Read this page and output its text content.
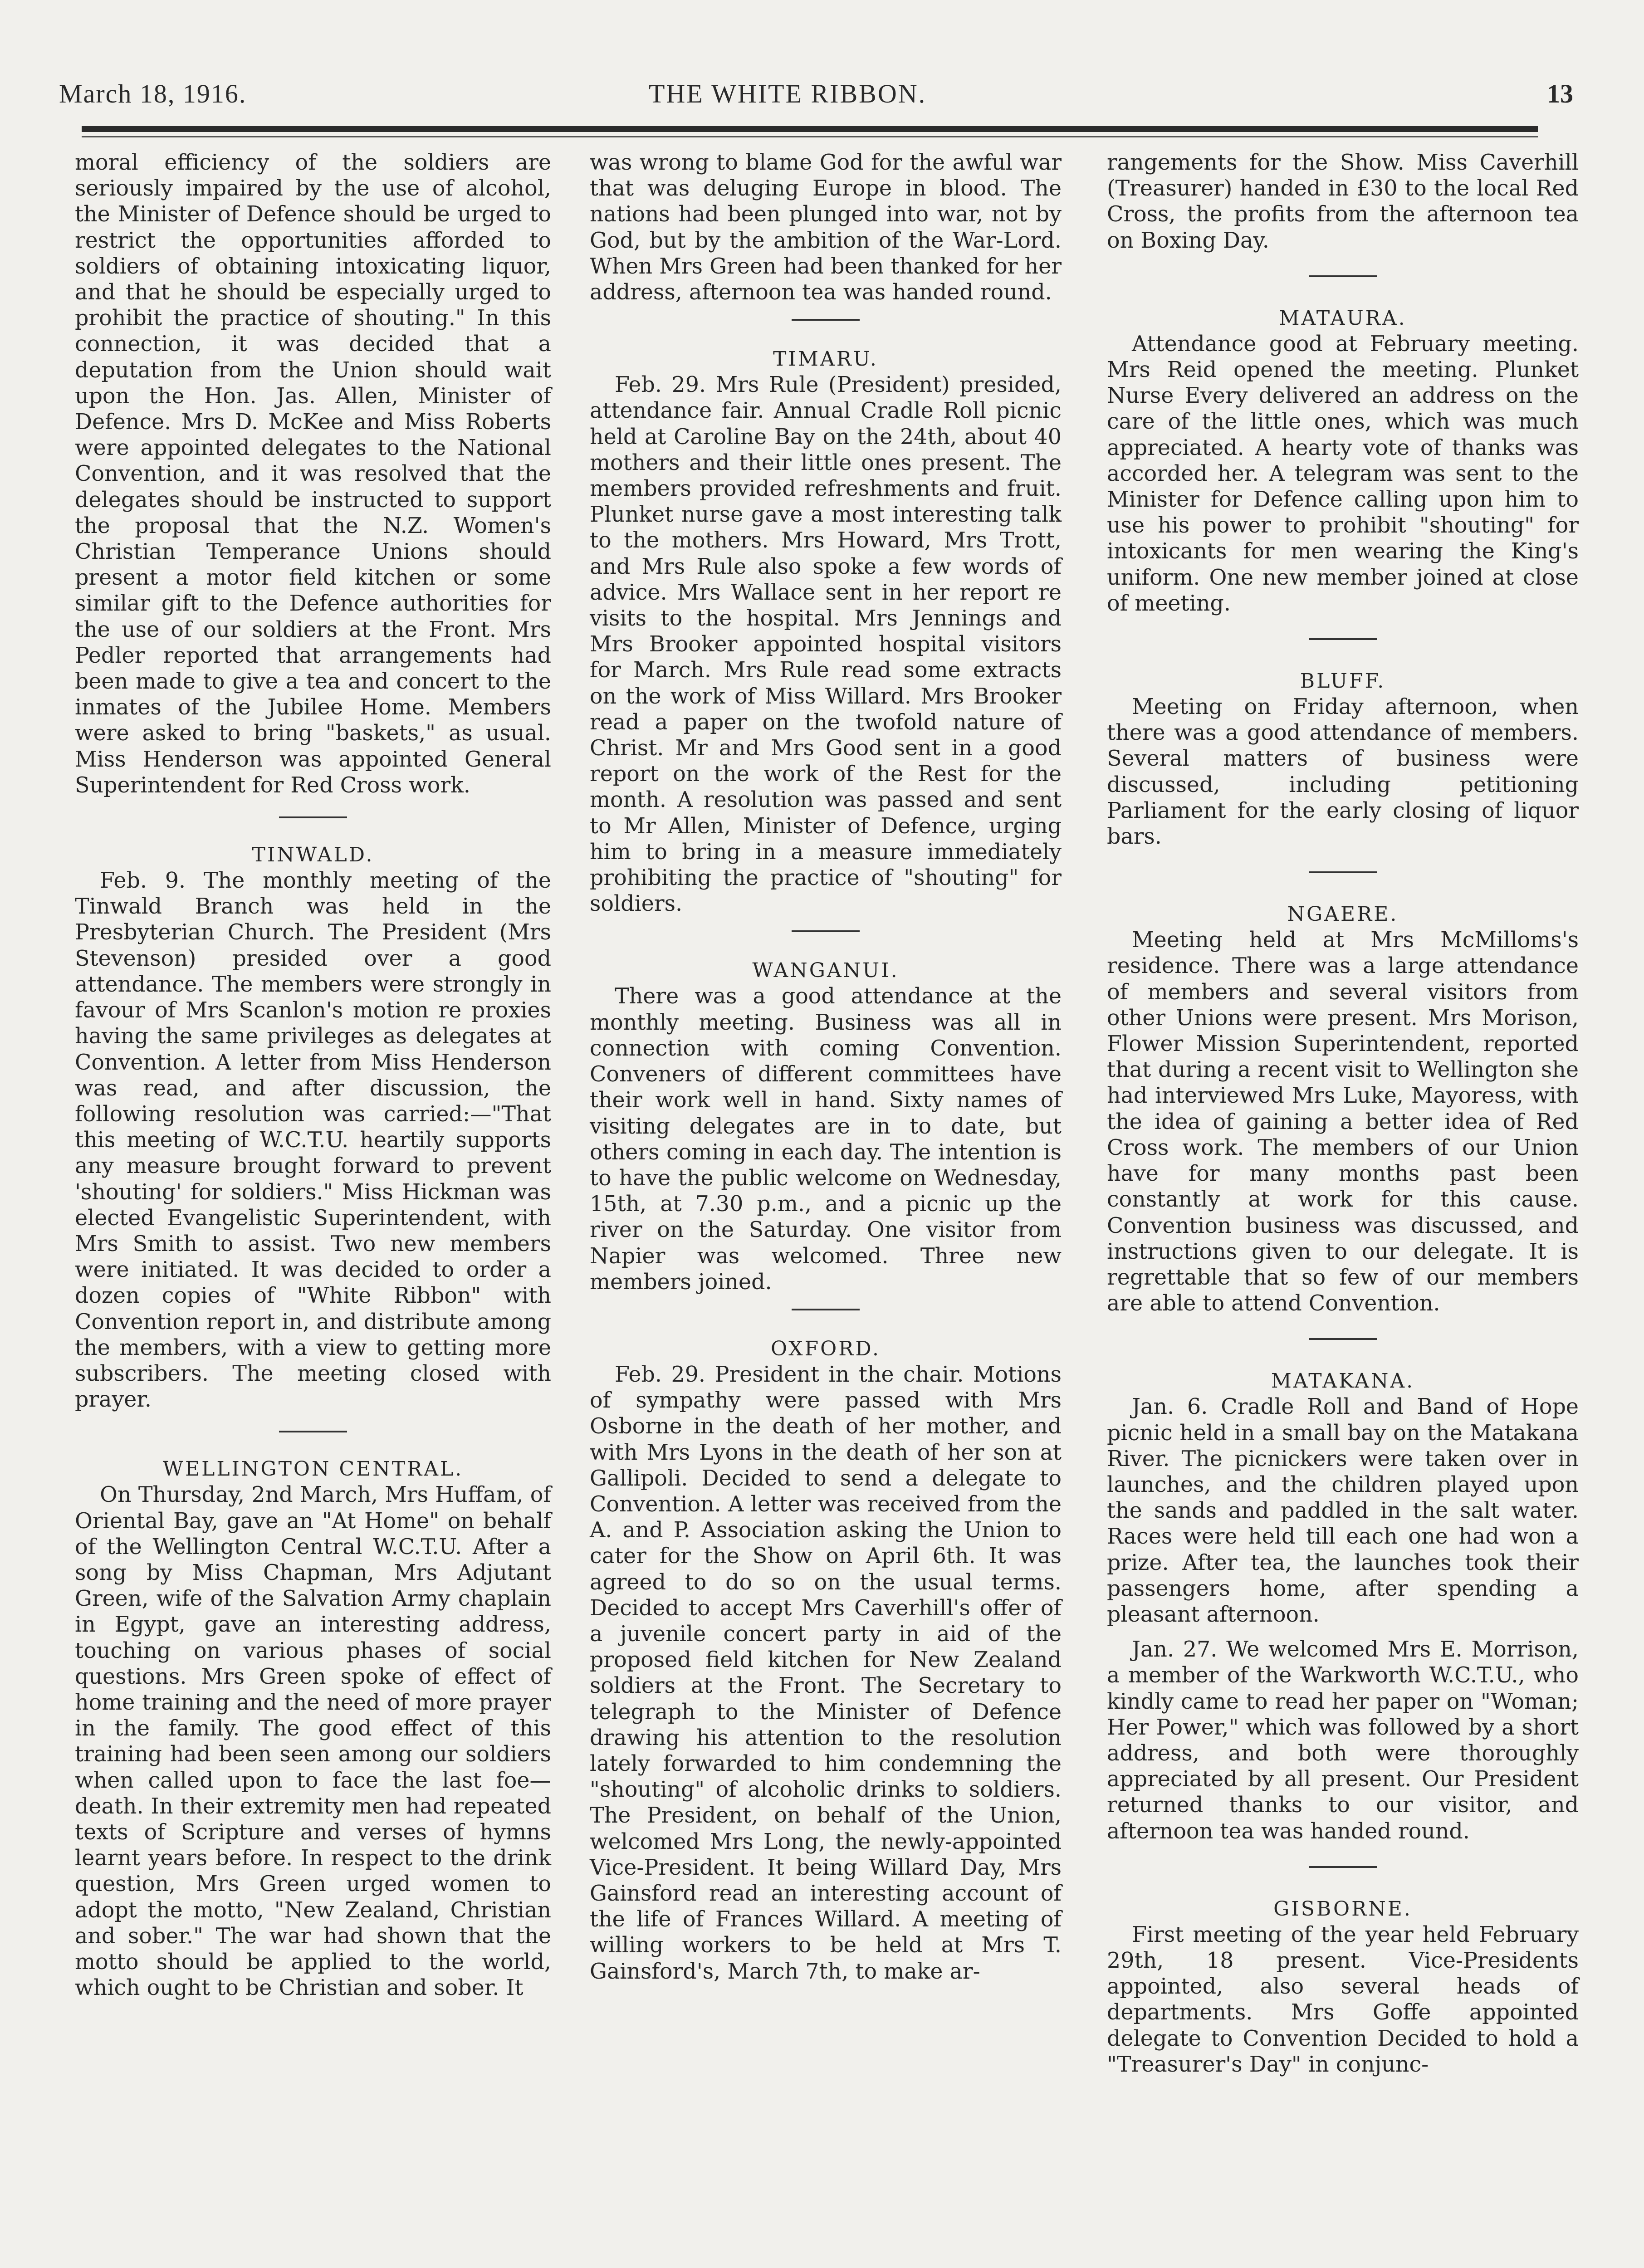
March 18, 1916.	THE WHITE RIBBON.	13

moral efficiency of the soldiers are seriously impaired by the use of alcohol, the Minister of Defence should be urged to restrict the opportunities afforded to soldiers of obtaining intoxicating liquor, and that he should be especially urged to prohibit the practice of shouting." In this connection, it was decided that a deputation from the Union should wait upon the Hon. Jas. Allen, Minister of Defence. Mrs D. McKee and Miss Roberts were appointed delegates to the National Convention, and it was resolved that the delegates should be instructed to support the proposal that the N.Z. Women's Christian Temperance Unions should present a motor field kitchen or some similar gift to the Defence authorities for the use of our soldiers at the Front. Mrs Pedler reported that arrangements had been made to give a tea and concert to the inmates of the Jubilee Home. Members were asked to bring "baskets," as usual. Miss Henderson was appointed General Superintendent for Red Cross work.

TINWALD.

Feb. 9. The monthly meeting of the Tinwald Branch was held in the Presbyterian Church. The President (Mrs Stevenson) presided over a good attendance. The members were strongly in favour of Mrs Scanlon's motion re proxies having the same privileges as delegates at Convention. A letter from Miss Henderson was read, and after discussion, the following resolution was carried:—"That this meeting of W.C.T.U. heartily supports any measure brought forward to prevent 'shouting' for soldiers." Miss Hickman was elected Evangelistic Superintendent, with Mrs Smith to assist. Two new members were initiated. It was decided to order a dozen copies of "White Ribbon" with Convention report in, and distribute among the members, with a view to getting more subscribers. The meeting closed with prayer.

WELLINGTON CENTRAL.

On Thursday, 2nd March, Mrs Huffam, of Oriental Bay, gave an "At Home" on behalf of the Wellington Central W.C.T.U. After a song by Miss Chapman, Mrs Adjutant Green, wife of the Salvation Army chaplain in Egypt, gave an interesting address, touching on various phases of social questions. Mrs Green spoke of effect of home training and the need of more prayer in the family. The good effect of this training had been seen among our soldiers when called upon to face the last foe—death. In their extremity men had repeated texts of Scripture and verses of hymns learnt years before. In respect to the drink question, Mrs Green urged women to adopt the motto, "New Zealand, Christian and sober." The war had shown that the motto should be applied to the world, which ought to be Christian and sober. It

was wrong to blame God for the awful war that was deluging Europe in blood. The nations had been plunged into war, not by God, but by the ambition of the War-Lord. When Mrs Green had been thanked for her address, afternoon tea was handed round.

TIMARU.

Feb. 29. Mrs Rule (President) presided, attendance fair. Annual Cradle Roll picnic held at Caroline Bay on the 24th, about 40 mothers and their little ones present. The members provided refreshments and fruit. Plunket nurse gave a most interesting talk to the mothers. Mrs Howard, Mrs Trott, and Mrs Rule also spoke a few words of advice. Mrs Wallace sent in her report re visits to the hospital. Mrs Jennings and Mrs Brooker appointed hospital visitors for March. Mrs Rule read some extracts on the work of Miss Willard. Mrs Brooker read a paper on the twofold nature of Christ. Mr and Mrs Good sent in a good report on the work of the Rest for the month. A resolution was passed and sent to Mr Allen, Minister of Defence, urging him to bring in a measure immediately prohibiting the practice of "shouting" for soldiers.

WANGANUI.

There was a good attendance at the monthly meeting. Business was all in connection with coming Convention. Conveners of different committees have their work well in hand. Sixty names of visiting delegates are in to date, but others coming in each day. The intention is to have the public welcome on Wednesday, 15th, at 7.30 p.m., and a picnic up the river on the Saturday. One visitor from Napier was welcomed. Three new members joined.

OXFORD.

Feb. 29. President in the chair. Motions of sympathy were passed with Mrs Osborne in the death of her mother, and with Mrs Lyons in the death of her son at Gallipoli. Decided to send a delegate to Convention. A letter was received from the A. and P. Association asking the Union to cater for the Show on April 6th. It was agreed to do so on the usual terms. Decided to accept Mrs Caverhill's offer of a juvenile concert party in aid of the proposed field kitchen for New Zealand soldiers at the Front. The Secretary to telegraph to the Minister of Defence drawing his attention to the resolution lately forwarded to him condemning the "shouting" of alcoholic drinks to soldiers. The President, on behalf of the Union, welcomed Mrs Long, the newly-appointed Vice-President. It being Willard Day, Mrs Gainsford read an interesting account of the life of Frances Willard. A meeting of willing workers to be held at Mrs T. Gainsford's, March 7th, to make ar-

rangements for the Show. Miss Caverhill (Treasurer) handed in £30 to the local Red Cross, the profits from the afternoon tea on Boxing Day.

MATAURA.

Attendance good at February meeting. Mrs Reid opened the meeting. Plunket Nurse Every delivered an address on the care of the little ones, which was much appreciated. A hearty vote of thanks was accorded her. A telegram was sent to the Minister for Defence calling upon him to use his power to prohibit "shouting" for intoxicants for men wearing the King's uniform. One new member joined at close of meeting.

BLUFF.

Meeting on Friday afternoon, when there was a good attendance of members. Several matters of business were discussed, including petitioning Parliament for the early closing of liquor bars.

NGAERE.

Meeting held at Mrs McMilloms's residence. There was a large attendance of members and several visitors from other Unions were present. Mrs Morison, Flower Mission Superintendent, reported that during a recent visit to Wellington she had interviewed Mrs Luke, Mayoress, with the idea of gaining a better idea of Red Cross work. The members of our Union have for many months past been constantly at work for this cause. Convention business was discussed, and instructions given to our delegate. It is regrettable that so few of our members are able to attend Convention.

MATAKANA.

Jan. 6. Cradle Roll and Band of Hope picnic held in a small bay on the Matakana River. The picnickers were taken over in launches, and the children played upon the sands and paddled in the salt water. Races were held till each one had won a prize. After tea, the launches took their passengers home, after spending a pleasant afternoon.

Jan. 27. We welcomed Mrs E. Morrison, a member of the Warkworth W.C.T.U., who kindly came to read her paper on "Woman; Her Power," which was followed by a short address, and both were thoroughly appreciated by all present. Our President returned thanks to our visitor, and afternoon tea was handed round.

GISBORNE.

First meeting of the year held February 29th, 18 present. Vice-Presidents appointed, also several heads of departments. Mrs Goffe appointed delegate to Convention Decided to hold a "Treasurer's Day" in conjunc-
